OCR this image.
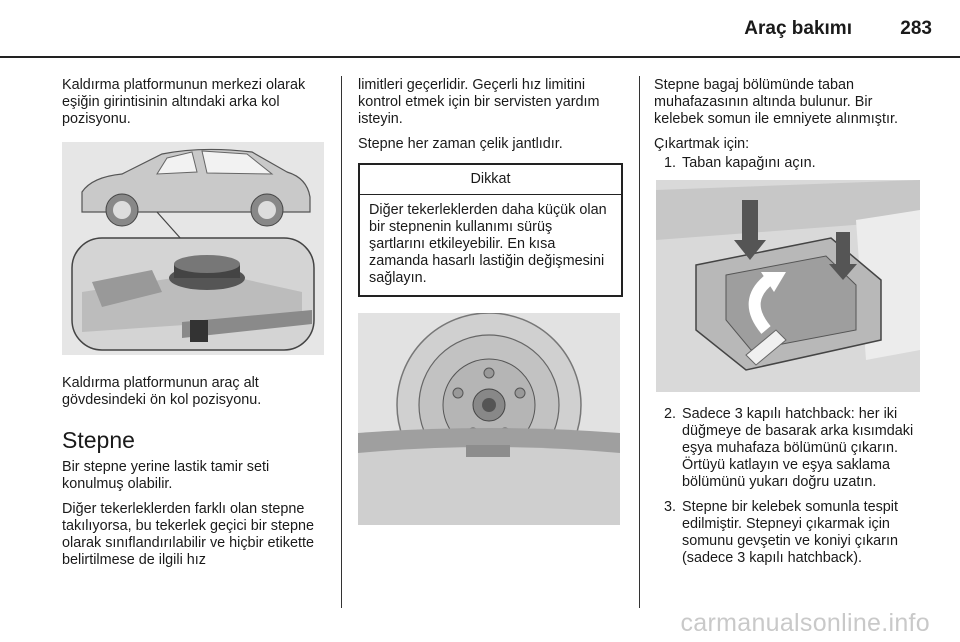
Araç bakımı	283

Kaldırma platformunun merkezi olarak eşiğin girintisinin altındaki arka kol pozisyonu.

Kaldırma platformunun araç alt gövdesindeki ön kol pozisyonu.

Stepne

Bir stepne yerine lastik tamir seti konulmuş olabilir.

Diğer tekerleklerden farklı olan stepne takılıyorsa, bu tekerlek geçici bir stepne olarak sınıflandırılabilir ve hiçbir etikette belirtilmese de ilgili hız

limitleri geçerlidir. Geçerli hız limitini kontrol etmek için bir servisten yardım isteyin.

Stepne her zaman çelik jantlıdır.

Dikkat
Diğer tekerleklerden daha küçük olan bir stepnenin kullanımı sürüş şartlarını etkileyebilir. En kısa zamanda hasarlı lastiğin değişmesini sağlayın.

Stepne bagaj bölümünde taban muhafazasının altında bulunur. Bir kelebek somun ile emniyete alınmıştır.

Çıkartmak için:

1. Taban kapağını açın.
2. Sadece 3 kapılı hatchback: her iki düğmeye de basarak arka kısımdaki eşya muhafaza bölümünü çıkarın. Örtüyü katlayın ve eşya saklama bölümünü yukarı doğru uzatın.
3. Stepne bir kelebek somunla tespit edilmiştir. Stepneyi çıkarmak için somunu gevşetin ve koniyi çıkarın (sadece 3 kapılı hatchback).
carmanualsonline.info
